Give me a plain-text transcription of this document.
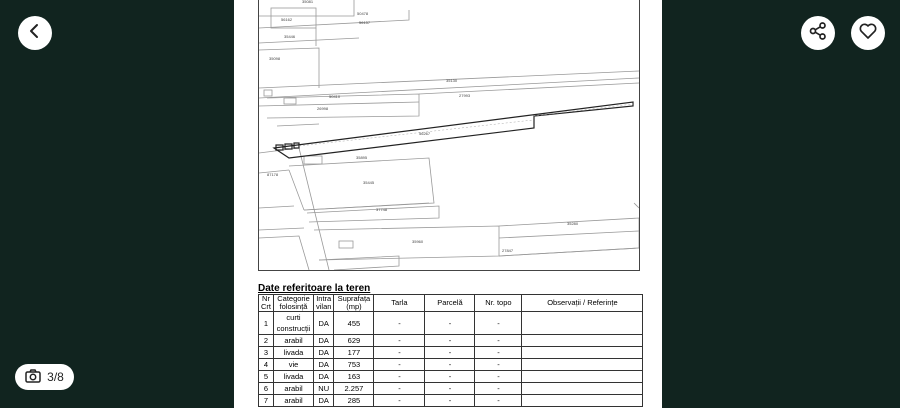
35081
50478
56162
56157
35446
35098
35130
50410	27993
26998
56267
35895
35445
37748
35960
27847
35280
87178
Date referitoare la teren
Nr Crt	Categorie folosință	Intra vilan	Suprafața (mp)	Tarla	Parcelă	Nr. topo	Observații / Referințe
1	curti construcții	DA	455	-	-	-	
2	arabil	DA	629	-	-	-	
3	livada	DA	177	-	-	-	
4	vie	DA	753	-	-	-	
5	livada	DA	163	-	-	-	
6	arabil	NU	2.257	-	-	-	
7	arabil	DA	285	-	-	-	
3/8
